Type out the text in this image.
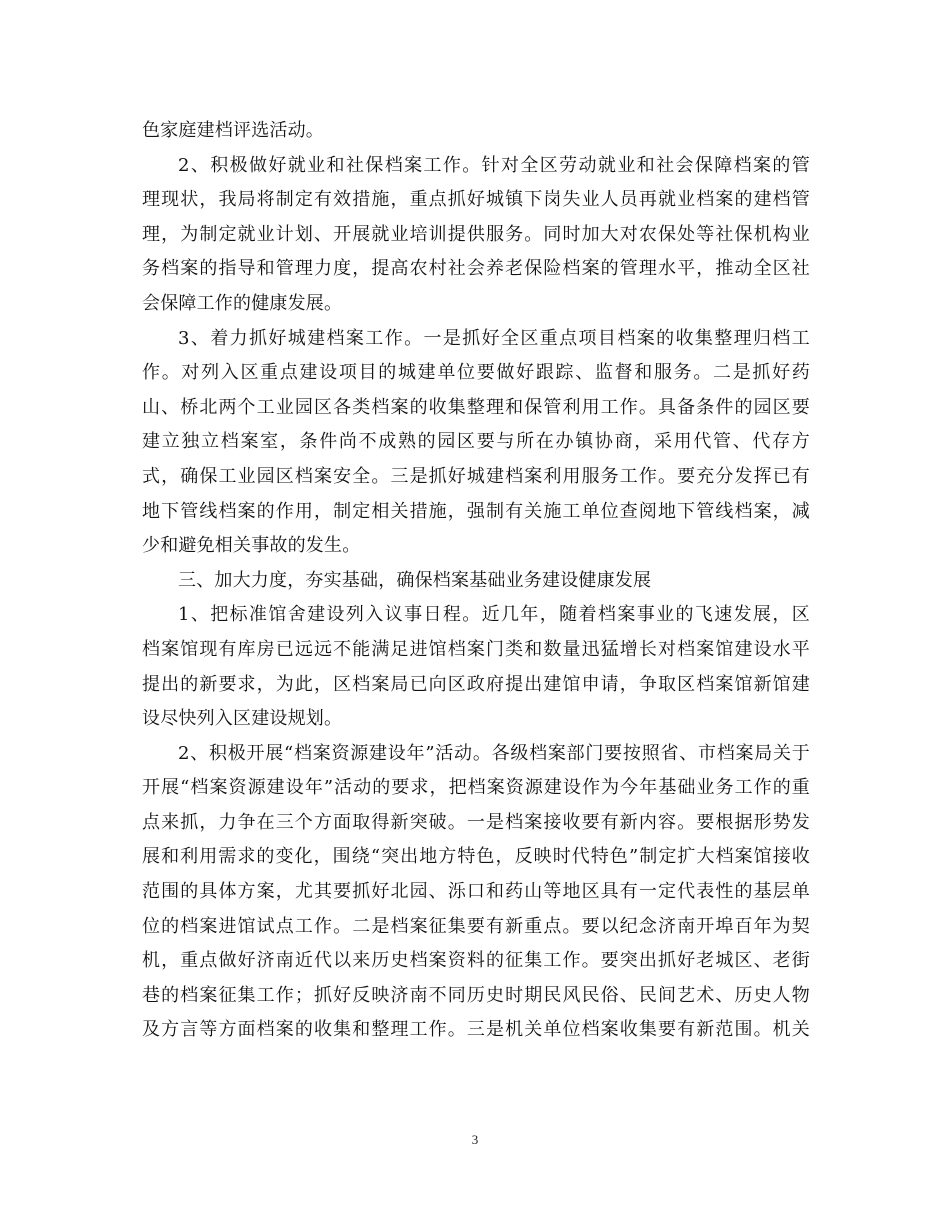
色家庭建档评选活动。
2、积极做好就业和社保档案工作。针对全区劳动就业和社会保障档案的管
理现状，我局将制定有效措施，重点抓好城镇下岗失业人员再就业档案的建档管
理，为制定就业计划、开展就业培训提供服务。同时加大对农保处等社保机构业
务档案的指导和管理力度，提高农村社会养老保险档案的管理水平，推动全区社
会保障工作的健康发展。
3、着力抓好城建档案工作。一是抓好全区重点项目档案的收集整理归档工
作。对列入区重点建设项目的城建单位要做好跟踪、监督和服务。二是抓好药
山、桥北两个工业园区各类档案的收集整理和保管利用工作。具备条件的园区要
建立独立档案室，条件尚不成熟的园区要与所在办镇协商，采用代管、代存方
式，确保工业园区档案安全。三是抓好城建档案利用服务工作。要充分发挥已有
地下管线档案的作用，制定相关措施，强制有关施工单位查阅地下管线档案，减
少和避免相关事故的发生。
三、加大力度，夯实基础，确保档案基础业务建设健康发展
1、把标准馆舍建设列入议事日程。近几年，随着档案事业的飞速发展，区
档案馆现有库房已远远不能满足进馆档案门类和数量迅猛增长对档案馆建设水平
提出的新要求，为此，区档案局已向区政府提出建馆申请，争取区档案馆新馆建
设尽快列入区建设规划。
2、积极开展“档案资源建设年”活动。各级档案部门要按照省、市档案局关于
开展“档案资源建设年”活动的要求，把档案资源建设作为今年基础业务工作的重
点来抓，力争在三个方面取得新突破。一是档案接收要有新内容。要根据形势发
展和利用需求的变化，围绕“突出地方特色，反映时代特色”制定扩大档案馆接收
范围的具体方案，尤其要抓好北园、泺口和药山等地区具有一定代表性的基层单
位的档案进馆试点工作。二是档案征集要有新重点。要以纪念济南开埠百年为契
机，重点做好济南近代以来历史档案资料的征集工作。要突出抓好老城区、老街
巷的档案征集工作；抓好反映济南不同历史时期民风民俗、民间艺术、历史人物
及方言等方面档案的收集和整理工作。三是机关单位档案收集要有新范围。机关
3
